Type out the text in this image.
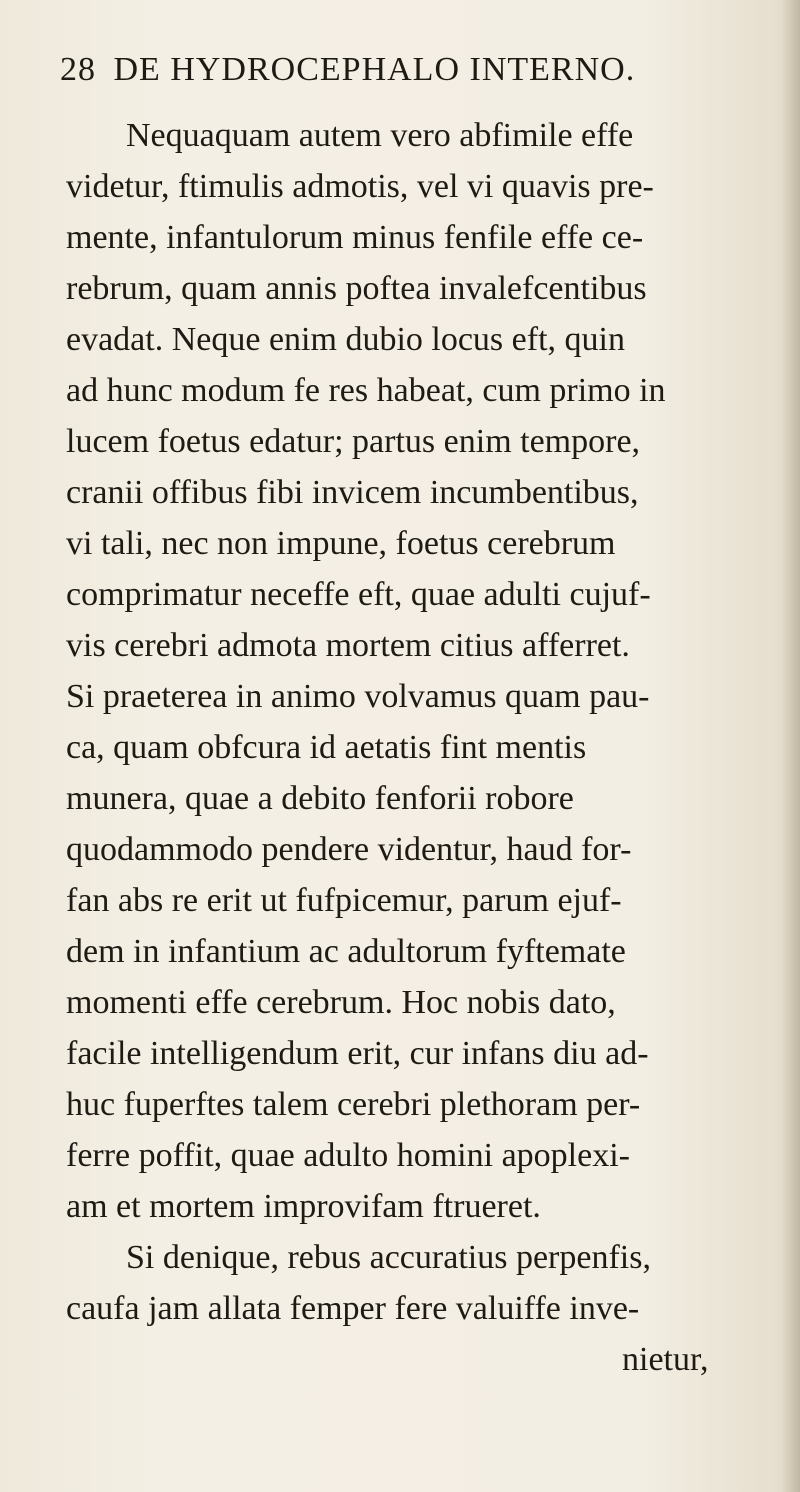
28 DE HYDROCEPHALO INTERNO.
Nequaquam autem vero abfimile effe
videtur, ftimulis admotis, vel vi quavis pre-
mente, infantulorum minus fenfile effe ce-
rebrum, quam annis poftea invalefcentibus
evadat. Neque enim dubio locus eft, quin
ad hunc modum fe res habeat, cum primo in
lucem foetus edatur; partus enim tempore,
cranii offibus fibi invicem incumbentibus,
vi tali, nec non impune, foetus cerebrum
comprimatur neceffe eft, quae adulti cujuf-
vis cerebri admota mortem citius afferret.
Si praeterea in animo volvamus quam pau-
ca, quam obfcura id aetatis fint mentis
munera, quae a debito fenforii robore
quodammodo pendere videntur, haud for-
fan abs re erit ut fufpicemur, parum ejuf-
dem in infantium ac adultorum fyftemate
momenti effe cerebrum. Hoc nobis dato,
facile intelligendum erit, cur infans diu ad-
huc fuperftes talem cerebri plethoram per-
ferre poffit, quae adulto homini apoplexi-
am et mortem improvifam ftrueret.
Si denique, rebus accuratius perpenfis,
caufa jam allata femper fere valuiffe inve-
nietur,
